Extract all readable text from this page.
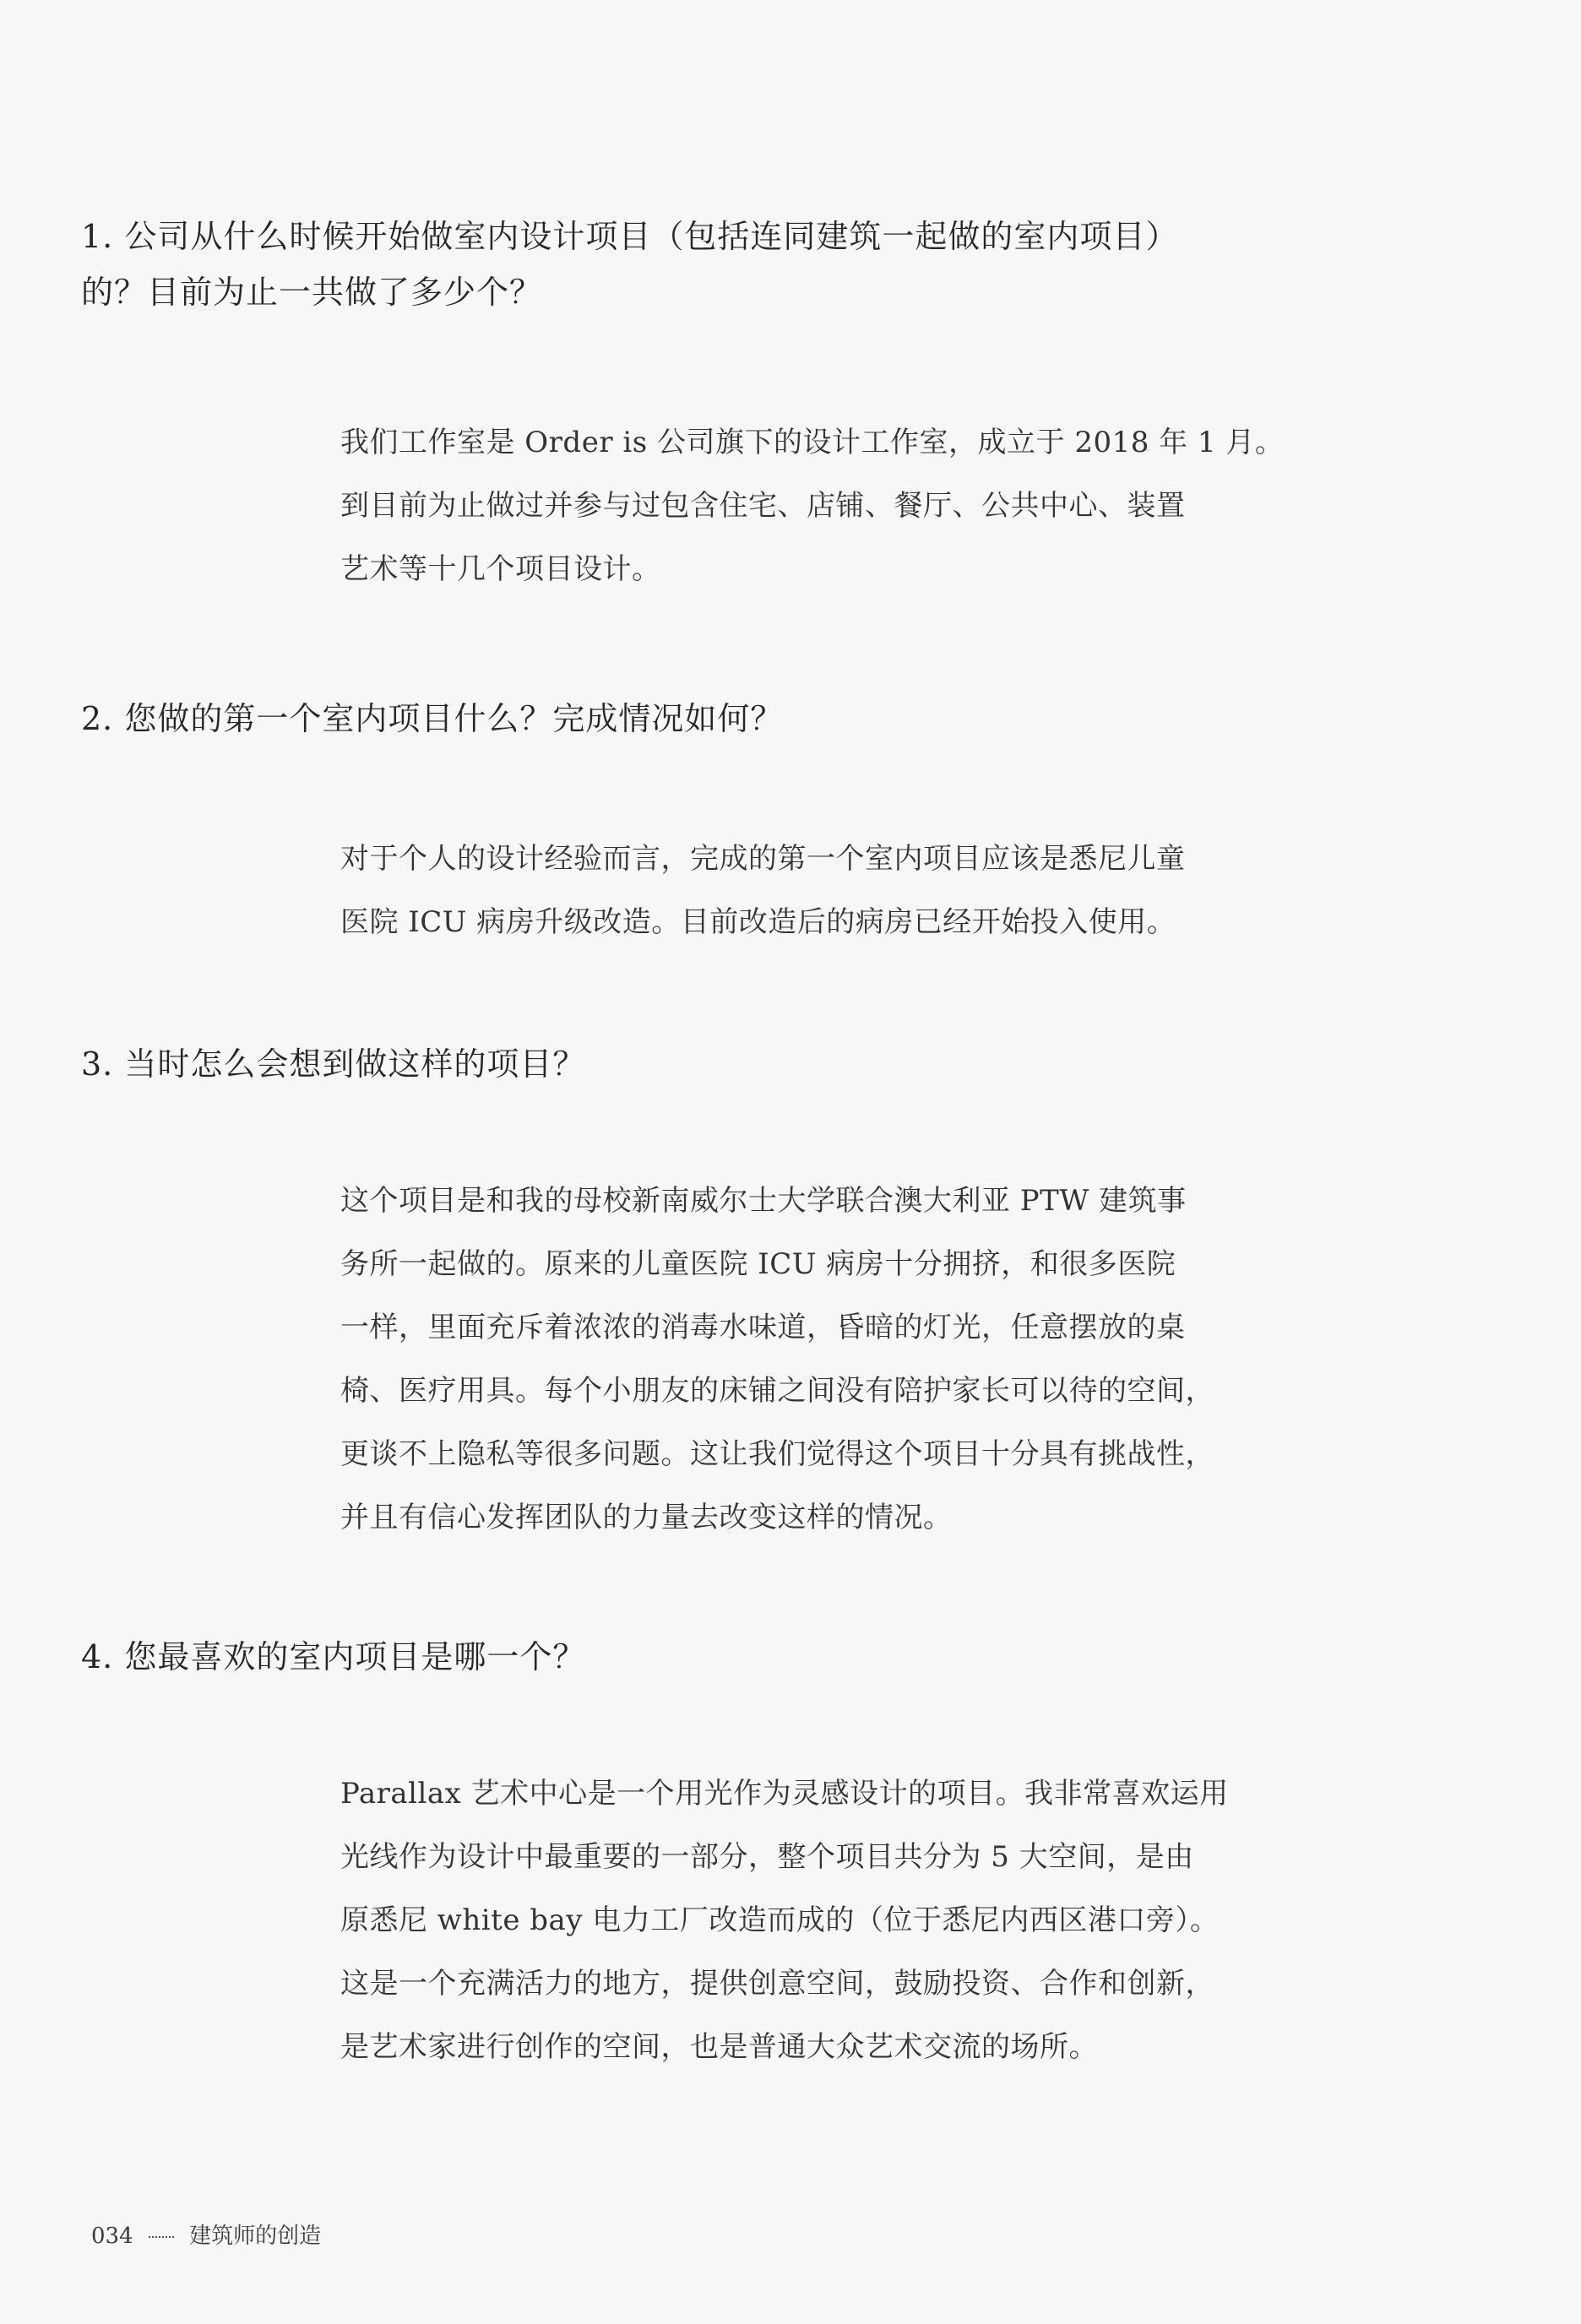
1. 公司从什么时候开始做室内设计项目（包括连同建筑一起做的室内项目）
的？目前为止一共做了多少个？
我们工作室是 Order is 公司旗下的设计工作室，成立于 2018 年 1 月。
到目前为止做过并参与过包含住宅、店铺、餐厅、公共中心、装置
艺术等十几个项目设计。
2. 您做的第一个室内项目什么？完成情况如何？
对于个人的设计经验而言，完成的第一个室内项目应该是悉尼儿童
医院 ICU 病房升级改造。目前改造后的病房已经开始投入使用。
3. 当时怎么会想到做这样的项目？
这个项目是和我的母校新南威尔士大学联合澳大利亚 PTW 建筑事
务所一起做的。原来的儿童医院 ICU 病房十分拥挤，和很多医院
一样，里面充斥着浓浓的消毒水味道，昏暗的灯光，任意摆放的桌
椅、医疗用具。每个小朋友的床铺之间没有陪护家长可以待的空间，
更谈不上隐私等很多问题。这让我们觉得这个项目十分具有挑战性，
并且有信心发挥团队的力量去改变这样的情况。
4. 您最喜欢的室内项目是哪一个？
Parallax 艺术中心是一个用光作为灵感设计的项目。我非常喜欢运用
光线作为设计中最重要的一部分，整个项目共分为 5 大空间，是由
原悉尼 white bay 电力工厂改造而成的（位于悉尼内西区港口旁）。
这是一个充满活力的地方，提供创意空间，鼓励投资、合作和创新，
是艺术家进行创作的空间，也是普通大众艺术交流的场所。
034	建筑师的创造
